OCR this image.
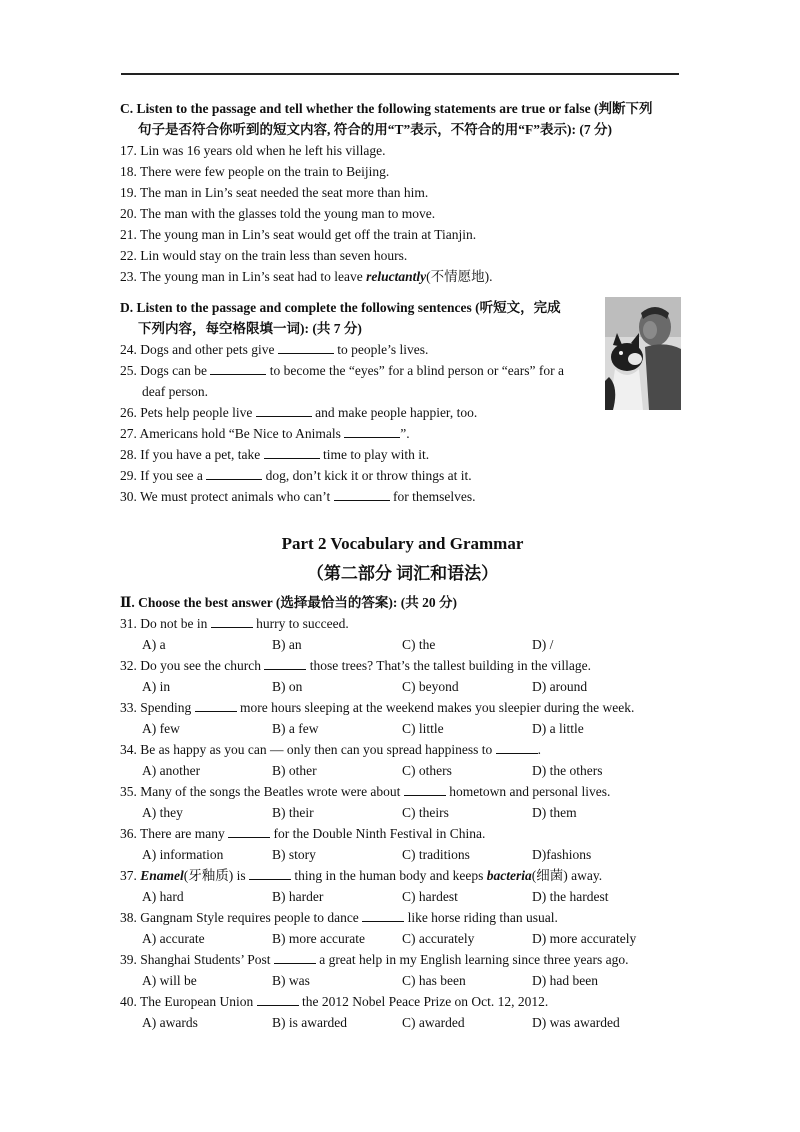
C. Listen to the passage and tell whether the following statements are true or false (判断下列
句子是否符合你听到的短文内容, 符合的用“T”表示，不符合的用“F”表示): (7 分)

17. Lin was 16 years old when he left his village.

18. There were few people on the train to Beijing.

19. The man in Lin’s seat needed the seat more than him.

20. The man with the glasses told the young man to move.

21. The young man in Lin’s seat would get off the train at Tianjin.

22. Lin would stay on the train less than seven hours.

23. The young man in Lin’s seat had to leave reluctantly(不情愿地).

D. Listen to the passage and complete the following sentences (听短文，完成
下列内容，每空格限填一词): (共 7 分)

24. Dogs and other pets give	to people’s lives.

25. Dogs can be	to become the “eyes” for a blind person or “ears” for a

deaf person.

26. Pets help people live	and make people happier, too.

27. Americans hold “Be Nice to Animals	”.

28. If you have a pet, take	time to play with it.

29. If you see a	dog, don’t kick it or throw things at it.

30. We must protect animals who can’t	for themselves.

Part 2 Vocabulary and Grammar

（第二部分 词汇和语法）

Ⅱ. Choose the best answer (选择最恰当的答案): (共 20 分)

31. Do not be in	hurry to succeed.

A) a	B) an	C) the	D) /

32. Do you see the church	those trees? That’s the tallest building in the village.

A) in	B) on	C) beyond	D) around

33. Spending	more hours sleeping at the weekend makes you sleepier during the week.

A) few	B) a few	C) little	D) a little

34. Be as happy as you can — only then can you spread happiness to	.

A) another	B) other	C) others	D) the others

35. Many of the songs the Beatles wrote were about	hometown and personal lives.

A) they	B) their	C) theirs	D) them

36. There are many	for the Double Ninth Festival in China.

A) information	B) story	C) traditions	D)fashions

37. Enamel(牙釉质) is	thing in the human body and keeps bacteria(细菌) away.

A) hard	B) harder	C) hardest	D) the hardest

38. Gangnam Style requires people to dance	like horse riding than usual.

A) accurate	B) more accurate	C) accurately	D) more accurately

39. Shanghai Students’ Post	a great help in my English learning since three years ago.

A) will be	B) was	C) has been	D) had been

40. The European Union	the 2012 Nobel Peace Prize on Oct. 12, 2012.

A) awards	B) is awarded	C) awarded	D) was awarded
